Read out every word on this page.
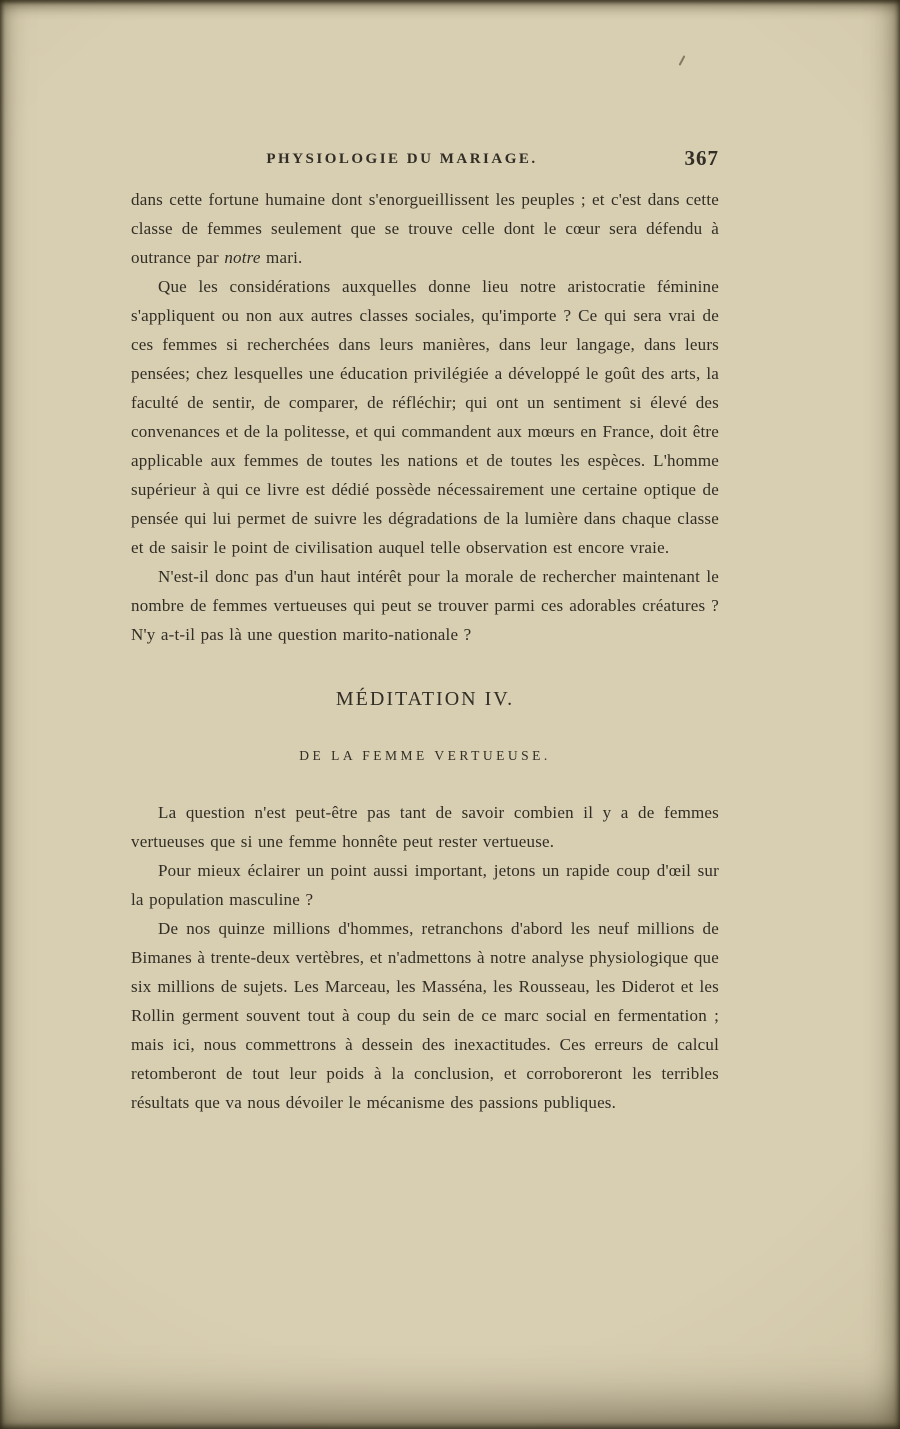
PHYSIOLOGIE DU MARIAGE.	367

dans cette fortune humaine dont s'enorgueillissent les peuples ; et c'est dans cette classe de femmes seulement que se trouve celle dont le cœur sera défendu à outrance par notre mari.

Que les considérations auxquelles donne lieu notre aristocratie féminine s'appliquent ou non aux autres classes sociales, qu'importe ? Ce qui sera vrai de ces femmes si recherchées dans leurs manières, dans leur langage, dans leurs pensées; chez lesquelles une éducation privilégiée a développé le goût des arts, la faculté de sentir, de comparer, de réfléchir; qui ont un sentiment si élevé des convenances et de la politesse, et qui commandent aux mœurs en France, doit être applicable aux femmes de toutes les nations et de toutes les espèces. L'homme supérieur à qui ce livre est dédié possède nécessairement une certaine optique de pensée qui lui permet de suivre les dégradations de la lumière dans chaque classe et de saisir le point de civilisation auquel telle observation est encore vraie.

N'est-il donc pas d'un haut intérêt pour la morale de rechercher maintenant le nombre de femmes vertueuses qui peut se trouver parmi ces adorables créatures ? N'y a-t-il pas là une question marito-nationale ?

MÉDITATION IV.
DE LA FEMME VERTUEUSE.

La question n'est peut-être pas tant de savoir combien il y a de femmes vertueuses que si une femme honnête peut rester vertueuse.

Pour mieux éclairer un point aussi important, jetons un rapide coup d'œil sur la population masculine ?

De nos quinze millions d'hommes, retranchons d'abord les neuf millions de Bimanes à trente-deux vertèbres, et n'admettons à notre analyse physiologique que six millions de sujets. Les Marceau, les Masséna, les Rousseau, les Diderot et les Rollin germent souvent tout à coup du sein de ce marc social en fermentation ; mais ici, nous commettrons à dessein des inexactitudes. Ces erreurs de calcul retomberont de tout leur poids à la conclusion, et corroboreront les terribles résultats que va nous dévoiler le mécanisme des passions publiques.
